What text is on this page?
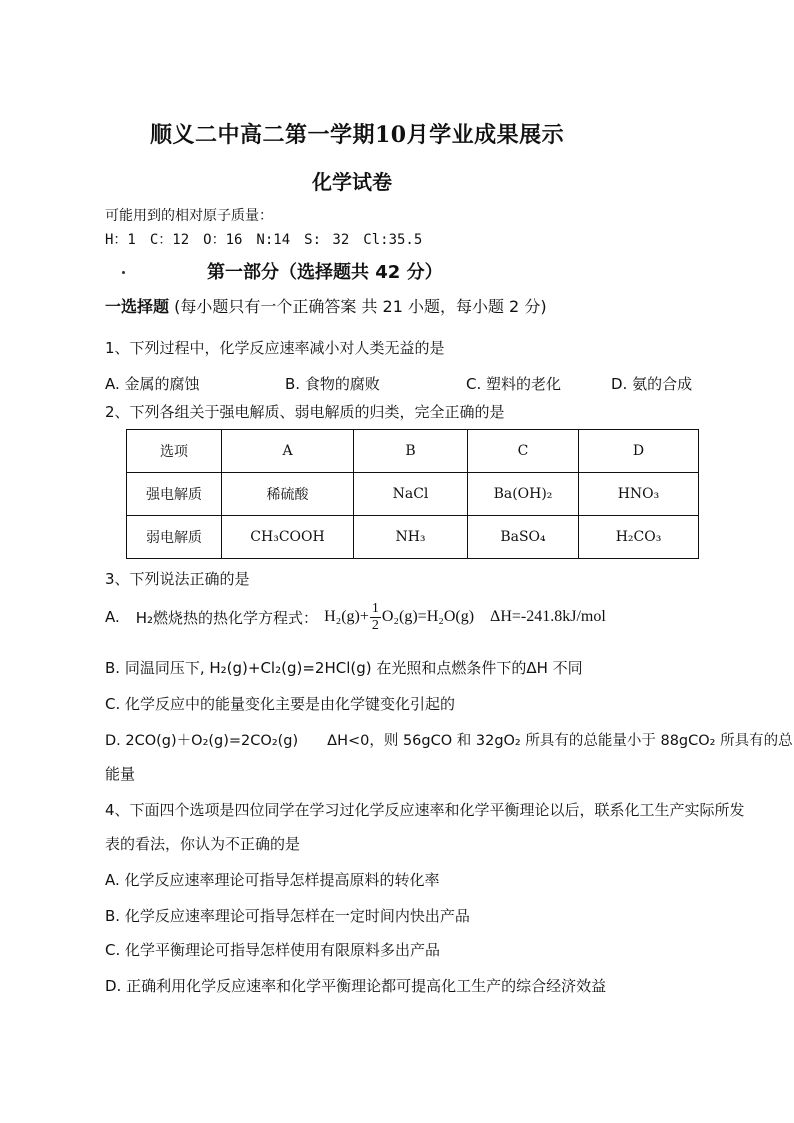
顺义二中高二第一学期10月学业成果展示
化学试卷
可能用到的相对原子质量：
H：1　C：12　O：16　N:14　S: 32　Cl:35.5
第一部分（选择题共 42 分）
一选择题 (每小题只有一个正确答案 共 21 小题，每小题 2 分)
1、下列过程中，化学反应速率减小对人类无益的是
A. 金属的腐蚀	B. 食物的腐败	C. 塑料的老化	D. 氨的合成
2、下列各组关于强电解质、弱电解质的归类，完全正确的是
选项	A	B	C	D
强电解质	稀硫酸	NaCl	Ba(OH)₂	HNO₃
弱电解质	CH₃COOH	NH₃	BaSO₄	H₂CO₃
3、下列说法正确的是
A. H₂燃烧热的热化学方程式： $H_2(g)+ \frac{1}{2} O_2(g)=H_2O(g)$ ΔH=-241.8kJ/mol
B. 同温同压下, H₂(g)+Cl₂(g)=2HCl(g) 在光照和点燃条件下的ΔH 不同
C. 化学反应中的能量变化主要是由化学键变化引起的
D. 2CO(g)＋O₂(g)=2CO₂(g)　　ΔH<0，则 56gCO 和 32gO₂ 所具有的总能量小于 88gCO₂ 所具有的总
能量
4、下面四个选项是四位同学在学习过化学反应速率和化学平衡理论以后，联系化工生产实际所发
表的看法，你认为不正确的是
A. 化学反应速率理论可指导怎样提高原料的转化率
B. 化学反应速率理论可指导怎样在一定时间内快出产品
C. 化学平衡理论可指导怎样使用有限原料多出产品
D. 正确利用化学反应速率和化学平衡理论都可提高化工生产的综合经济效益
